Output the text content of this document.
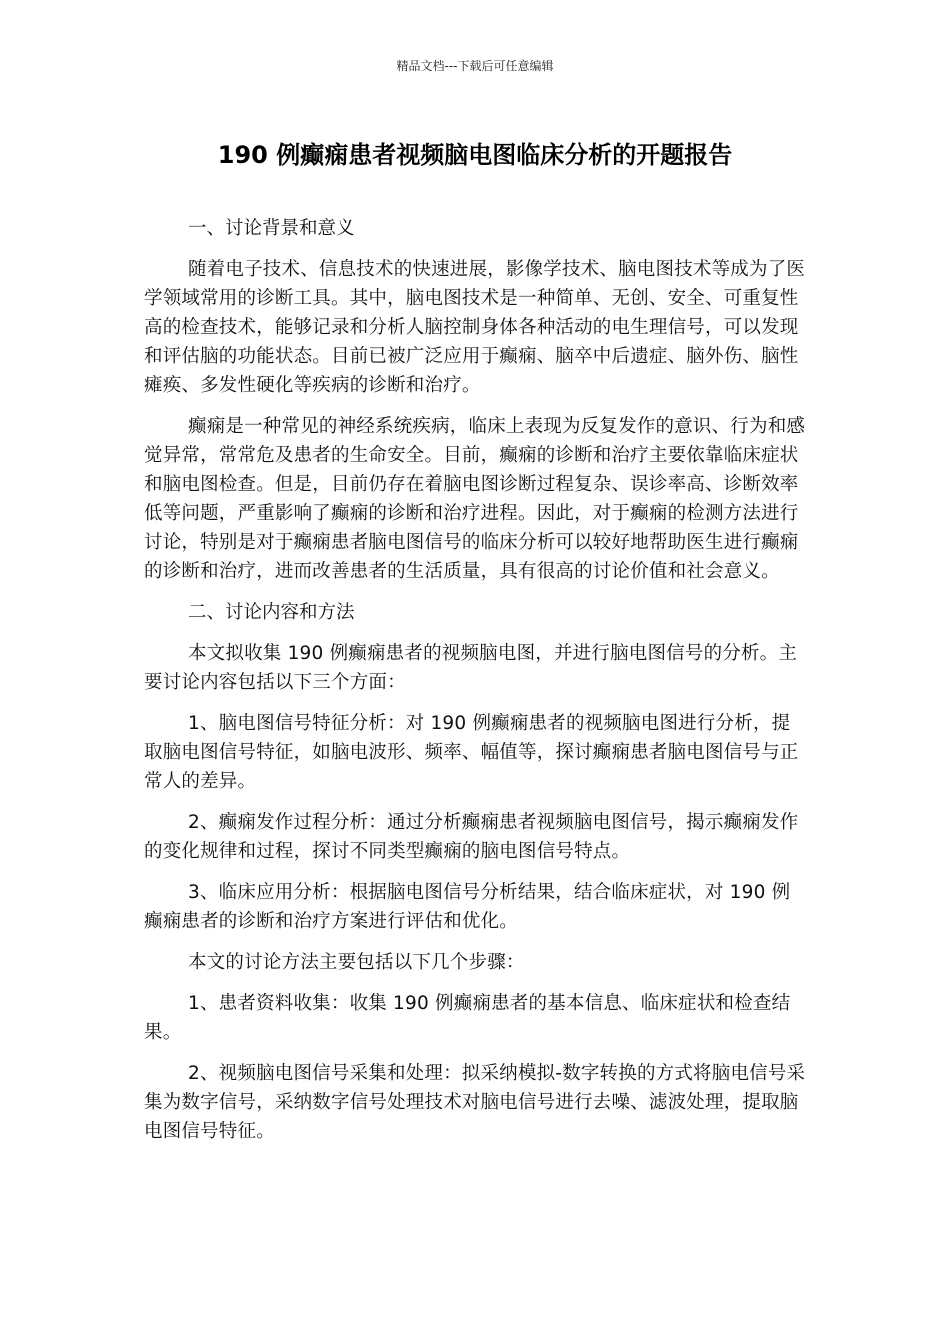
精品文档---下载后可任意编辑
190 例癫痫患者视频脑电图临床分析的开题报告

一、讨论背景和意义

随着电子技术、信息技术的快速进展，影像学技术、脑电图技术等成为了医学领域常用的诊断工具。其中，脑电图技术是一种简单、无创、安全、可重复性高的检查技术，能够记录和分析人脑控制身体各种活动的电生理信号，可以发现和评估脑的功能状态。目前已被广泛应用于癫痫、脑卒中后遗症、脑外伤、脑性瘫痪、多发性硬化等疾病的诊断和治疗。

癫痫是一种常见的神经系统疾病，临床上表现为反复发作的意识、行为和感觉异常，常常危及患者的生命安全。目前，癫痫的诊断和治疗主要依靠临床症状和脑电图检查。但是，目前仍存在着脑电图诊断过程复杂、误诊率高、诊断效率低等问题，严重影响了癫痫的诊断和治疗进程。因此，对于癫痫的检测方法进行讨论，特别是对于癫痫患者脑电图信号的临床分析可以较好地帮助医生进行癫痫的诊断和治疗，进而改善患者的生活质量，具有很高的讨论价值和社会意义。

二、讨论内容和方法

本文拟收集 190 例癫痫患者的视频脑电图，并进行脑电图信号的分析。主要讨论内容包括以下三个方面：

1、脑电图信号特征分析：对 190 例癫痫患者的视频脑电图进行分析，提取脑电图信号特征，如脑电波形、频率、幅值等，探讨癫痫患者脑电图信号与正常人的差异。

2、癫痫发作过程分析：通过分析癫痫患者视频脑电图信号，揭示癫痫发作的变化规律和过程，探讨不同类型癫痫的脑电图信号特点。

3、临床应用分析：根据脑电图信号分析结果，结合临床症状，对 190 例癫痫患者的诊断和治疗方案进行评估和优化。

本文的讨论方法主要包括以下几个步骤：

1、患者资料收集：收集 190 例癫痫患者的基本信息、临床症状和检查结果。

2、视频脑电图信号采集和处理：拟采纳模拟-数字转换的方式将脑电信号采集为数字信号，采纳数字信号处理技术对脑电信号进行去噪、滤波处理，提取脑电图信号特征。
